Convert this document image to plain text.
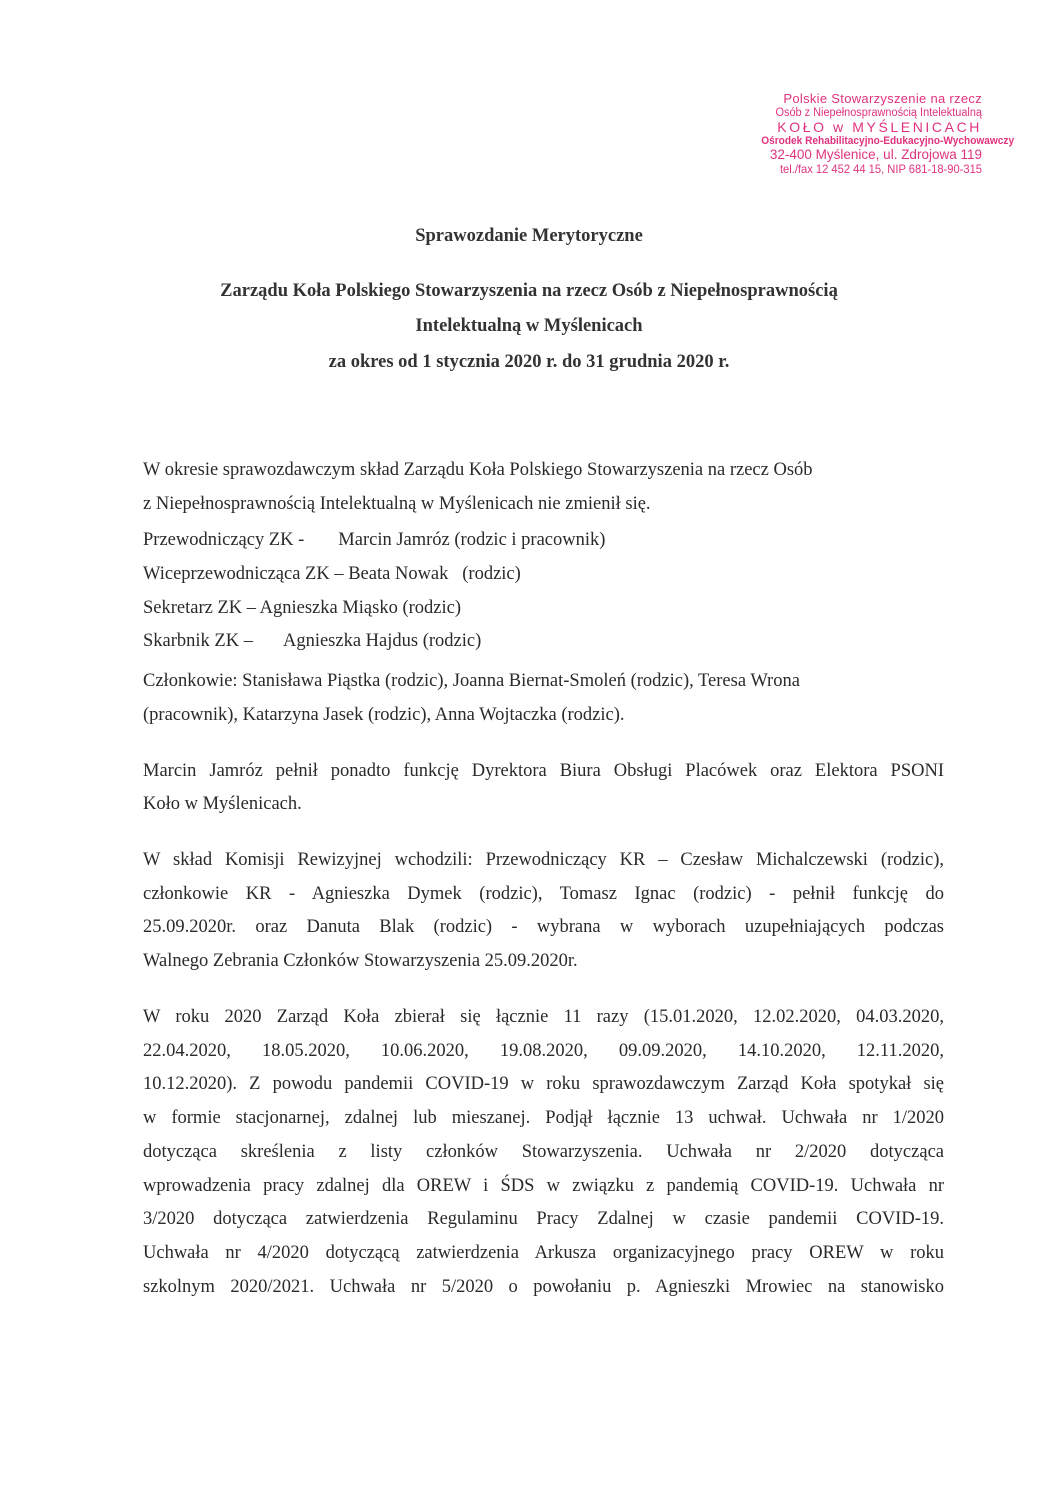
Polskie Stowarzyszenie na rzecz
Osób z Niepełnosprawnością Intelektualną
KOŁO w MYŚLENICACH
Ośrodek Rehabilitacyjno-Edukacyjno-Wychowawczy
32-400 Myślenice, ul. Zdrojowa 119
tel./fax 12 452 44 15, NIP 681-18-90-315
Sprawozdanie Merytoryczne
Zarządu Koła Polskiego Stowarzyszenia na rzecz Osób z Niepełnosprawnością
Intelektualną w Myślenicach
za okres od 1 stycznia 2020 r. do 31 grudnia 2020 r.
W okresie sprawozdawczym skład Zarządu Koła Polskiego Stowarzyszenia na rzecz Osób
z Niepełnosprawnością Intelektualną w Myślenicach nie zmienił się.
Przewodniczący ZK - Marcin Jamróz (rodzic i pracownik)
Wiceprzewodnicząca ZK – Beata Nowak   (rodzic)
Sekretarz ZK – Agnieszka Miąsko (rodzic)
Skarbnik ZK – Agnieszka Hajdus (rodzic)
Członkowie: Stanisława Piąstka (rodzic), Joanna Biernat-Smoleń (rodzic), Teresa Wrona
(pracownik), Katarzyna Jasek (rodzic), Anna Wojtaczka (rodzic).
Marcin Jamróz pełnił ponadto funkcję Dyrektora Biura Obsługi Placówek oraz Elektora PSONI
Koło w Myślenicach.
W skład Komisji Rewizyjnej wchodzili: Przewodniczący KR – Czesław Michalczewski (rodzic),
członkowie KR - Agnieszka Dymek (rodzic), Tomasz Ignac (rodzic) - pełnił funkcję do
25.09.2020r. oraz Danuta Blak (rodzic) - wybrana w wyborach uzupełniających podczas
Walnego Zebrania Członków Stowarzyszenia 25.09.2020r.
W roku 2020 Zarząd Koła zbierał się łącznie 11 razy (15.01.2020, 12.02.2020, 04.03.2020,
22.04.2020, 18.05.2020, 10.06.2020, 19.08.2020, 09.09.2020, 14.10.2020, 12.11.2020,
10.12.2020). Z powodu pandemii COVID-19 w roku sprawozdawczym Zarząd Koła spotykał się
w formie stacjonarnej, zdalnej lub mieszanej. Podjął łącznie 13 uchwał. Uchwała nr 1/2020
dotycząca skreślenia z listy członków Stowarzyszenia. Uchwała nr 2/2020 dotycząca
wprowadzenia pracy zdalnej dla OREW i ŚDS w związku z pandemią COVID-19. Uchwała nr
3/2020 dotycząca zatwierdzenia Regulaminu Pracy Zdalnej w czasie pandemii COVID-19.
Uchwała nr 4/2020 dotyczącą zatwierdzenia Arkusza organizacyjnego pracy OREW w roku
szkolnym 2020/2021. Uchwała nr 5/2020 o powołaniu p. Agnieszki Mrowiec na stanowisko
